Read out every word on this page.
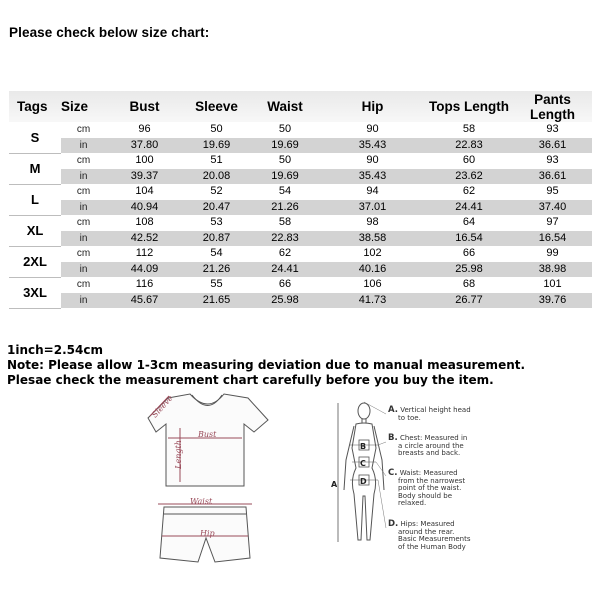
Please check below size chart:
Tags	Size	Bust	Sleeve	Waist	Hip	Tops Length	Pants Length
S	cm	96	50	50	90	58	93
	in	37.80	19.69	19.69	35.43	22.83	36.61
M	cm	100	51	50	90	60	93
	in	39.37	20.08	19.69	35.43	23.62	36.61
L	cm	104	52	54	94	62	95
	in	40.94	20.47	21.26	37.01	24.41	37.40
XL	cm	108	53	58	98	64	97
	in	42.52	20.87	22.83	38.58	16.54	16.54
2XL	cm	112	54	62	102	66	99
	in	44.09	21.26	24.41	40.16	25.98	38.98
3XL	cm	116	55	66	106	68	101
	in	45.67	21.65	25.98	41.73	26.77	39.76
1inch=2.54cm
Note: Please allow 1-3cm measuring deviation due to manual measurement.
Plesae check the measurement chart carefully before you buy the item.
Sleeve
Bust
Length
Waist
Hip
B
C
D
A
A. Vertical height head
to toe.
B. Chest: Measured in
a circle around the
breasts and back.
C. Waist: Measured
from the narrowest
point of the waist.
Body should be
relaxed.
D. Hips: Measured
around the rear.
Basic Measurements
of the Human Body
